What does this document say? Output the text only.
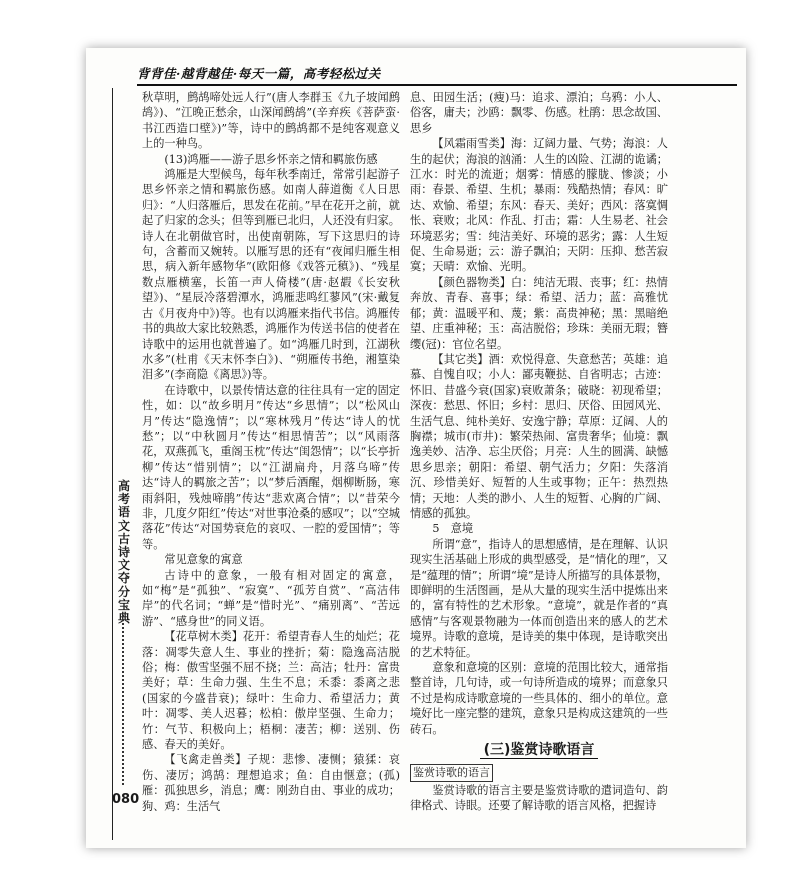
背背佳·越背越佳·每天一篇，高考轻松过关
高
考
语
文
古
诗
文
夺
分
宝
典
080

秋草明，鹧鸪啼处远人行”(唐人李群玉《九子坡闻鹧鸪》)、“江晚正愁余，山深闻鹧鸪”(辛弃疾《菩萨蛮·书江西造口壁》)”等，诗中的鹧鸪都不是纯客观意义上的一种鸟。

(13)鸿雁——游子思乡怀亲之情和羁旅伤感

鸿雁是大型候鸟，每年秋季南迁，常常引起游子思乡怀亲之情和羁旅伤感。如南人薛道衡《人日思归》：“人归落雁后，思发在花前。”早在花开之前，就起了归家的念头；但等到雁已北归，人还没有归家。诗人在北朝做官时，出使南朝陈，写下这思归的诗句，含蓄而又婉转。以雁写思的还有“夜闻归雁生相思，病入新年感物华”(欧阳修《戏答元稹》)、“残星数点雁横塞，长笛一声人倚楼”(唐·赵嘏《长安秋望》)、“星辰冷落碧潭水，鸿雁悲鸣红蓼风”(宋·戴复古《月夜舟中》)等。也有以鸿雁来指代书信。鸿雁传书的典故大家比较熟悉，鸿雁作为传送书信的使者在诗歌中的运用也就普遍了。如“鸿雁几时到，江湖秋水多”(杜甫《天末怀李白》)、“朔雁传书绝，湘篁染泪多”(李商隐《离思》)等。

在诗歌中，以景传情达意的往往具有一定的固定性，如：以“故乡明月”传达“乡思情”；以“松风山月”传达“隐逸情”；以“寒林残月”传达“诗人的忧愁”；以“中秋圆月”传达“相思情苦”；以“风雨落花，双燕孤飞，重阁玉枕”传达“闺怨情”；以“长亭折柳”传达“惜别情”；以“江湖扁舟，月落乌啼”传达“诗人的羁旅之苦”；以“梦后酒醒，烟柳断肠，寒雨斜阳，残烛啼鹃”传达“悲欢离合情”；以“昔荣今非，几度夕阳红”传达“对世事沧桑的感叹”；以“空城落花”传达“对国势衰危的哀叹、一腔的爱国情”；等等。

常见意象的寓意

古诗中的意象，一般有相对固定的寓意，如“梅”是“孤独”、“寂寞”、“孤芳自赏”、“高洁伟岸”的代名词；“蝉”是“惜时光”、“痛别离”、“苦远游”、“感身世”的同义语。

【花草树木类】花开：希望青春人生的灿烂；花落：凋零失意人生、事业的挫折；菊：隐逸高洁脱俗；梅：傲雪坚强不屈不挠；兰：高洁；牡丹：富贵美好；草：生命力强、生生不息；禾黍：黍离之悲(国家的今盛昔衰)；绿叶：生命力、希望活力；黄叶：凋零、美人迟暮；松柏：傲岸坚强、生命力；竹：气节、积极向上；梧桐：凄苦；柳：送别、伤感、春天的美好。

【飞禽走兽类】子规：悲惨、凄恻；猿猱：哀伤、凄厉；鸿鹄：理想追求；鱼：自由惬意；(孤)雁：孤独思乡，消息；鹰：刚劲自由、事业的成功；狗、鸡：生活气

息、田园生活；(瘦)马：追求、漂泊；乌鸦：小人、俗客，庸夫；沙鸥：飘零、伤感。杜鹃：思念故国、思乡

【风霜雨雪类】海：辽阔力量、气势；海浪：人生的起伏；海浪的汹涌：人生的凶险、江湖的诡谲；江水：时光的流逝；烟雾：情感的朦胧、惨淡；小雨：春景、希望、生机；暴雨：残酷热情；春风：旷达、欢愉、希望；东风：春天、美好；西风：落寞惆怅、衰败；北风：作乱、打击；霜：人生易老、社会环境恶劣；雪：纯洁美好、环境的恶劣；露：人生短促、生命易逝；云：游子飘泊；天阴：压抑、愁苦寂寞；天晴：欢愉、光明。

【颜色器物类】白：纯洁无瑕、丧事；红：热情奔放、青春、喜事；绿：希望、活力；蓝：高雅忧郁；黄：温暖平和、蔑；紫：高贵神秘；黑：黑暗绝望、庄重神秘；玉：高洁脱俗；珍珠：美丽无瑕；簪缨(冠)：官位名望。

【其它类】酒：欢悦得意、失意愁苦；英雄：追慕、自愧自叹；小人：鄙夷鞭挞、自省明志；古迹：怀旧、昔盛今衰(国家)衰败萧条；破晓：初现希望；深夜：愁思、怀旧；乡村：思归、厌俗、田园风光、生活气息、纯朴美好、安逸宁静；草原：辽阔、人的胸襟；城市(市井)：繁荣热闹、富贵奢华；仙境：飘逸美妙、洁净、忘尘厌俗；月亮：人生的圆满、缺憾思乡思亲；朝阳：希望、朝气活力；夕阳：失落消沉、珍惜美好、短暂的人生或事物；正午：热烈热情；天地：人类的渺小、人生的短暂、心胸的广阔、情感的孤独。

5　意境

所谓“意”，指诗人的思想感情，是在理解、认识现实生活基础上形成的典型感受，是“情化的理”，又是“蕴理的情”；所谓“境”是诗人所描写的具体景物，即鲜明的生活图画，是从大量的现实生活中提炼出来的，富有特性的艺术形象。“意境”，就是作者的“真感情”与客观景物融为一体而创造出来的感人的艺术境界。诗歌的意境，是诗美的集中体现，是诗歌突出的艺术特征。

意象和意境的区别：意境的范围比较大，通常指整首诗，几句诗，或一句诗所造成的境界；而意象只不过是构成诗歌意境的一些具体的、细小的单位。意境好比一座完整的建筑，意象只是构成这建筑的一些砖石。

(三)鉴赏诗歌语言

鉴赏诗歌的语言

鉴赏诗歌的语言主要是鉴赏诗歌的遣词造句、韵律格式、诗眼。还要了解诗歌的语言风格，把握诗
